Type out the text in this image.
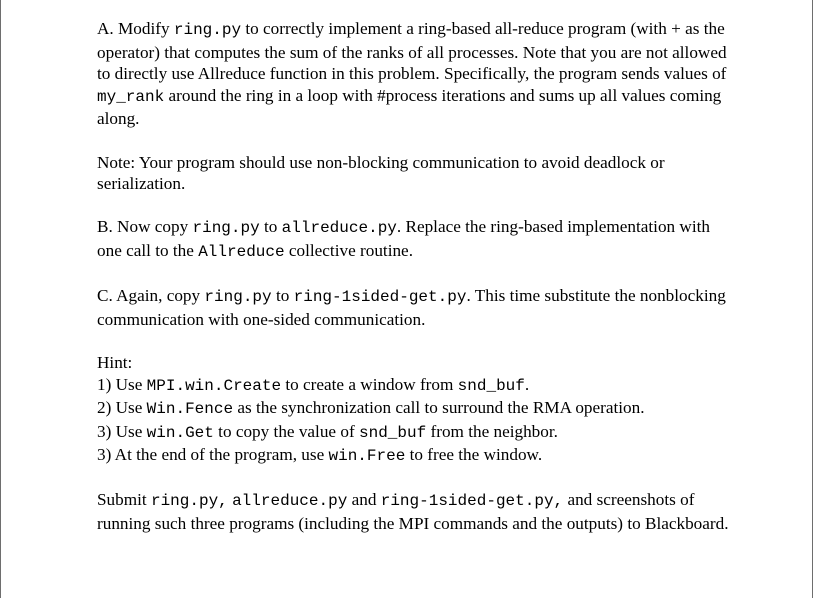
A. Modify ring.py to correctly implement a ring-based all-reduce program (with + as the operator) that computes the sum of the ranks of all processes. Note that you are not allowed to directly use Allreduce function in this problem. Specifically, the program sends values of my_rank around the ring in a loop with #process iterations and sums up all values coming along.

Note: Your program should use non-blocking communication to avoid deadlock or serialization.

B. Now copy ring.py to allreduce.py. Replace the ring-based implementation with one call to the Allreduce collective routine.

C. Again, copy ring.py to ring-1sided-get.py. This time substitute the nonblocking communication with one-sided communication.

Hint:

1) Use MPI.win.Create to create a window from snd_buf.

2) Use Win.Fence as the synchronization call to surround the RMA operation.

3) Use win.Get to copy the value of snd_buf from the neighbor.

3) At the end of the program, use win.Free to free the window.

Submit ring.py, allreduce.py and ring-1sided-get.py, and screenshots of running such three programs (including the MPI commands and the outputs) to Blackboard.
